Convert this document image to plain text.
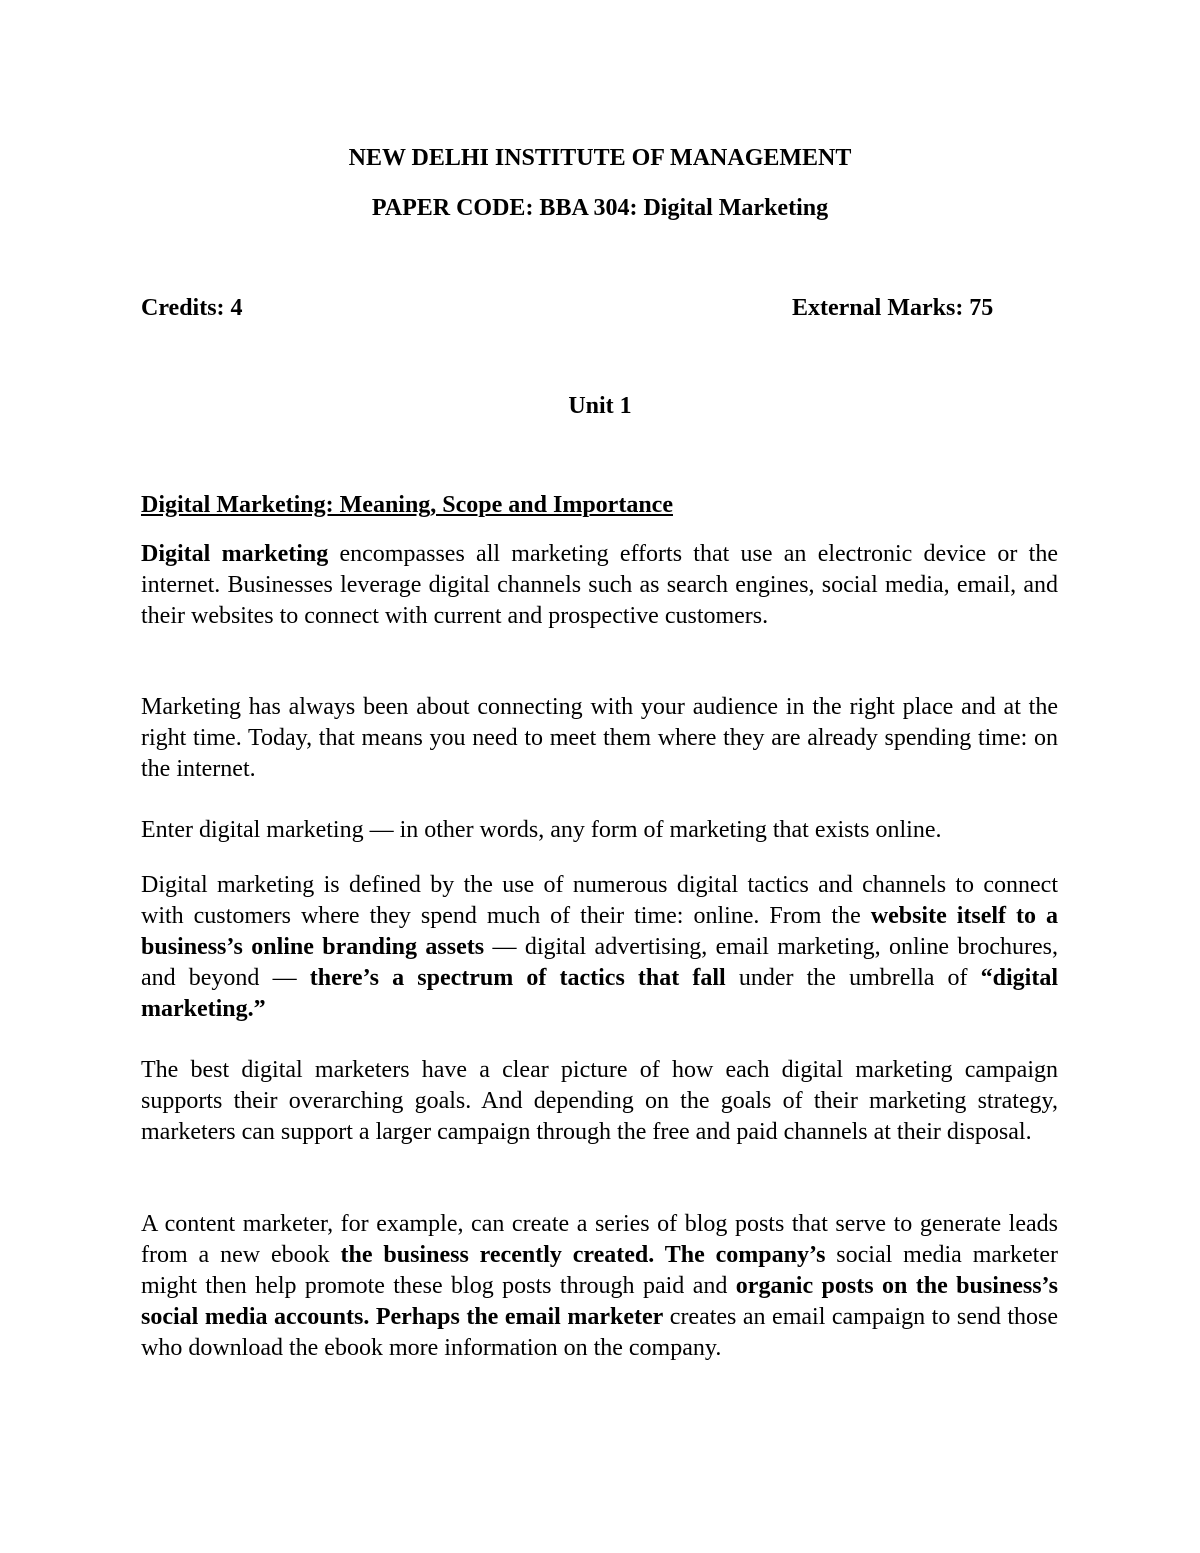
NEW DELHI INSTITUTE OF MANAGEMENT
PAPER CODE: BBA 304: Digital Marketing
Credits: 4	External Marks: 75
Unit 1
Digital Marketing: Meaning, Scope and Importance

Digital marketing encompasses all marketing efforts that use an electronic device or the internet. Businesses leverage digital channels such as search engines, social media, email, and their websites to connect with current and prospective customers.

Marketing has always been about connecting with your audience in the right place and at the right time. Today, that means you need to meet them where they are already spending time: on the internet.

Enter digital marketing — in other words, any form of marketing that exists online.

Digital marketing is defined by the use of numerous digital tactics and channels to connect with customers where they spend much of their time: online. From the website itself to a business’s online branding assets — digital advertising, email marketing, online brochures, and beyond — there’s a spectrum of tactics that fall under the umbrella of “digital marketing.”

The best digital marketers have a clear picture of how each digital marketing campaign supports their overarching goals. And depending on the goals of their marketing strategy, marketers can support a larger campaign through the free and paid channels at their disposal.

A content marketer, for example, can create a series of blog posts that serve to generate leads from a new ebook the business recently created. The company’s social media marketer might then help promote these blog posts through paid and organic posts on the business’s social media accounts. Perhaps the email marketer creates an email campaign to send those who download the ebook more information on the company.
